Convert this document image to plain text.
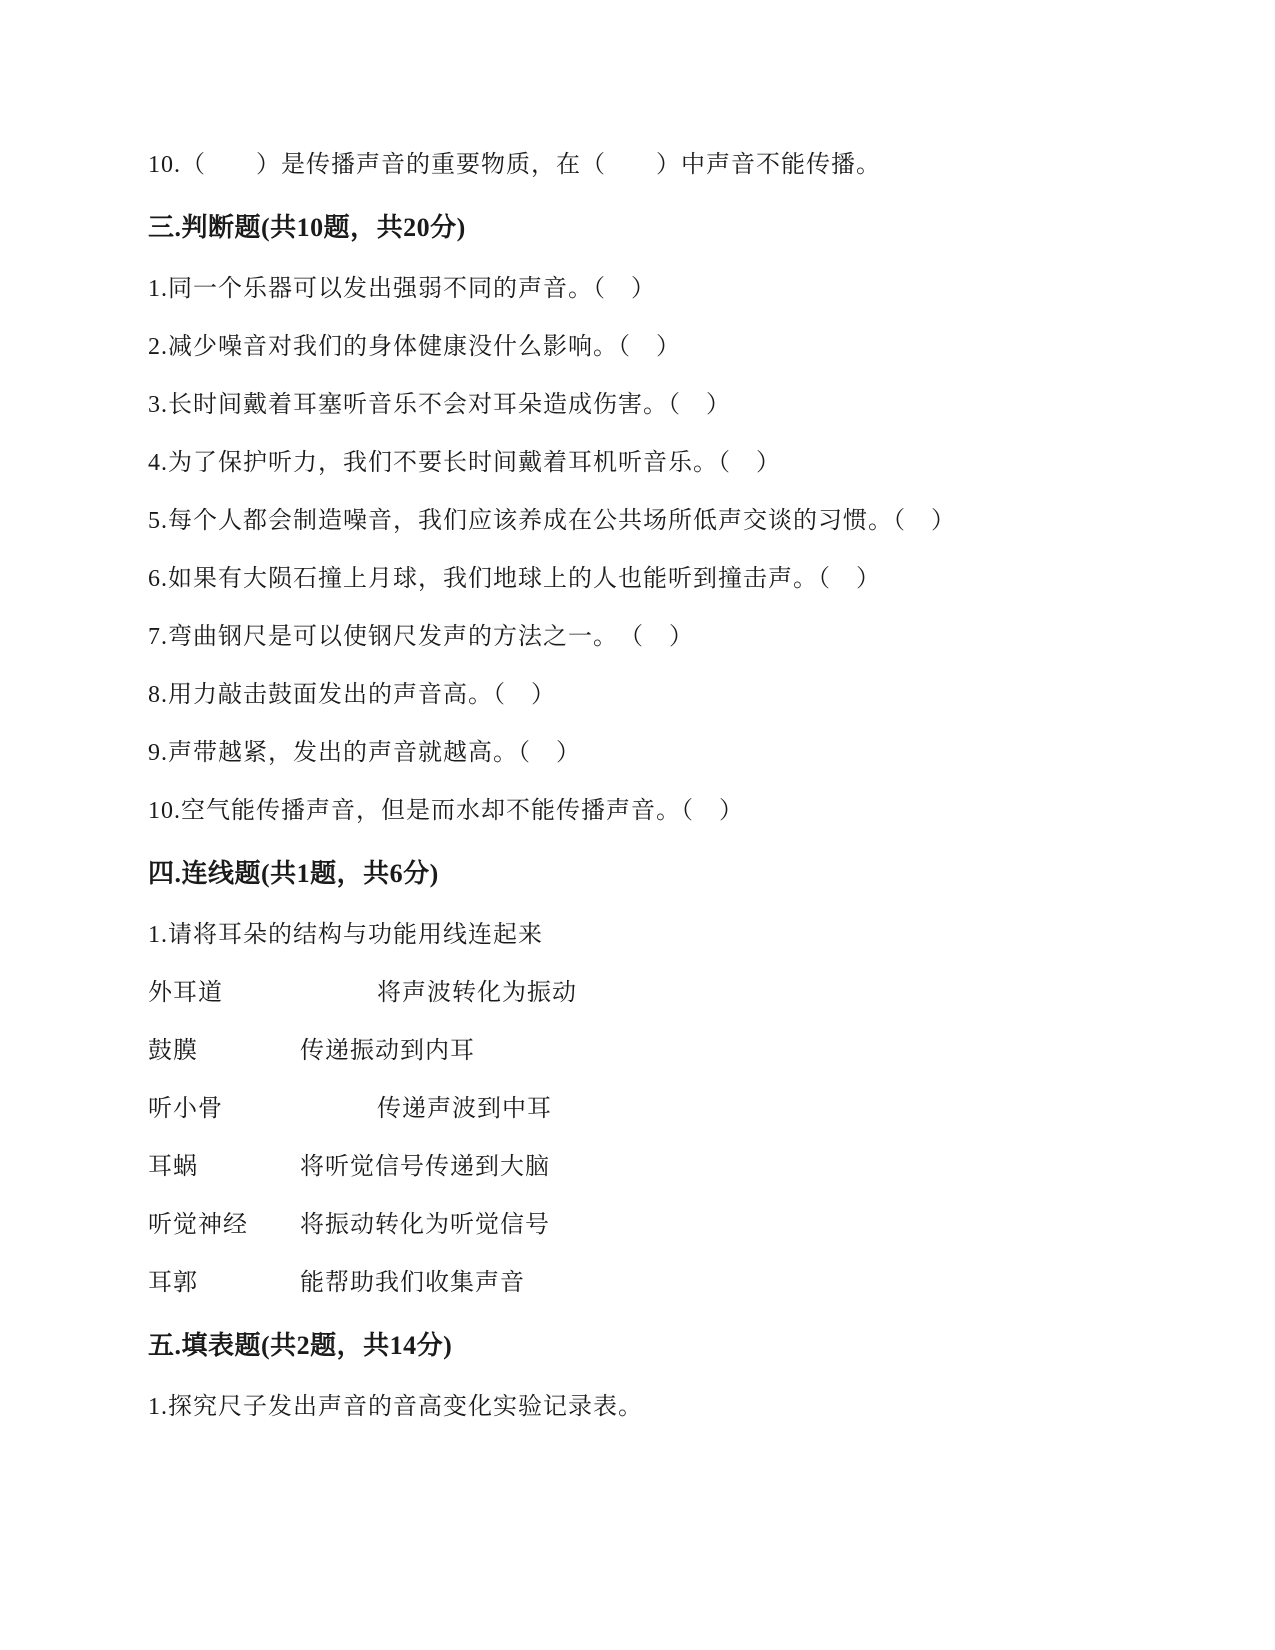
10.（　　）是传播声音的重要物质，在（　　）中声音不能传播。

三.判断题(共10题，共20分)

1.同一个乐器可以发出强弱不同的声音。（　）

2.减少噪音对我们的身体健康没什么影响。（　）

3.长时间戴着耳塞听音乐不会对耳朵造成伤害。（　）

4.为了保护听力，我们不要长时间戴着耳机听音乐。（　）

5.每个人都会制造噪音，我们应该养成在公共场所低声交谈的习惯。（　）

6.如果有大陨石撞上月球，我们地球上的人也能听到撞击声。（　）

7.弯曲钢尺是可以使钢尺发声的方法之一。　（　）

8.用力敲击鼓面发出的声音高。（　）

9.声带越紧，发出的声音就越高。（　）

10.空气能传播声音，但是而水却不能传播声音。（　）

四.连线题(共1题，共6分)

1.请将耳朵的结构与功能用线连起来

外耳道	将声波转化为振动
鼓膜	传递振动到内耳
听小骨	传递声波到中耳
耳蜗	将听觉信号传递到大脑
听觉神经 将振动转化为听觉信号
耳郭	能帮助我们收集声音

五.填表题(共2题，共14分)

1.探究尺子发出声音的音高变化实验记录表。
